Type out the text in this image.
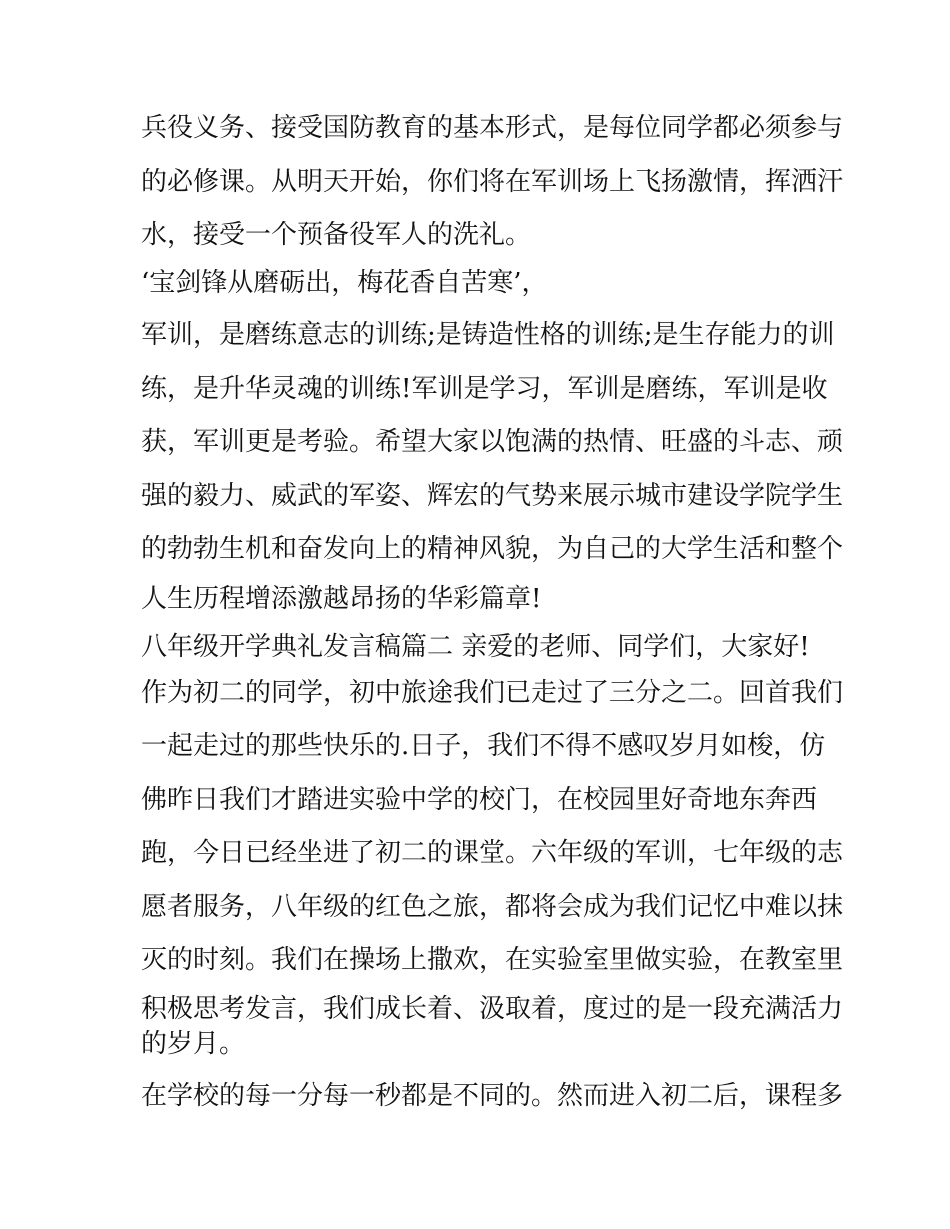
兵役义务、接受国防教育的基本形式，是每位同学都必须参与
的必修课。从明天开始，你们将在军训场上飞扬激情，挥洒汗
水，接受一个预备役军人的洗礼。
‘宝剑锋从磨砺出，梅花香自苦寒’，
军训，是磨练意志的训练;是铸造性格的训练;是生存能力的训
练，是升华灵魂的训练!军训是学习，军训是磨练，军训是收
获，军训更是考验。希望大家以饱满的热情、旺盛的斗志、顽
强的毅力、威武的军姿、辉宏的气势来展示城市建设学院学生
的勃勃生机和奋发向上的精神风貌，为自己的大学生活和整个
人生历程增添激越昂扬的华彩篇章!
八年级开学典礼发言稿篇二 亲爱的老师、同学们，大家好!
作为初二的同学，初中旅途我们已走过了三分之二。回首我们
一起走过的那些快乐的.日子，我们不得不感叹岁月如梭，仿
佛昨日我们才踏进实验中学的校门，在校园里好奇地东奔西
跑，今日已经坐进了初二的课堂。六年级的军训，七年级的志
愿者服务，八年级的红色之旅，都将会成为我们记忆中难以抹
灭的时刻。我们在操场上撒欢，在实验室里做实验，在教室里
积极思考发言，我们成长着、汲取着，度过的是一段充满活力
的岁月。
在学校的每一分每一秒都是不同的。然而进入初二后，课程多
